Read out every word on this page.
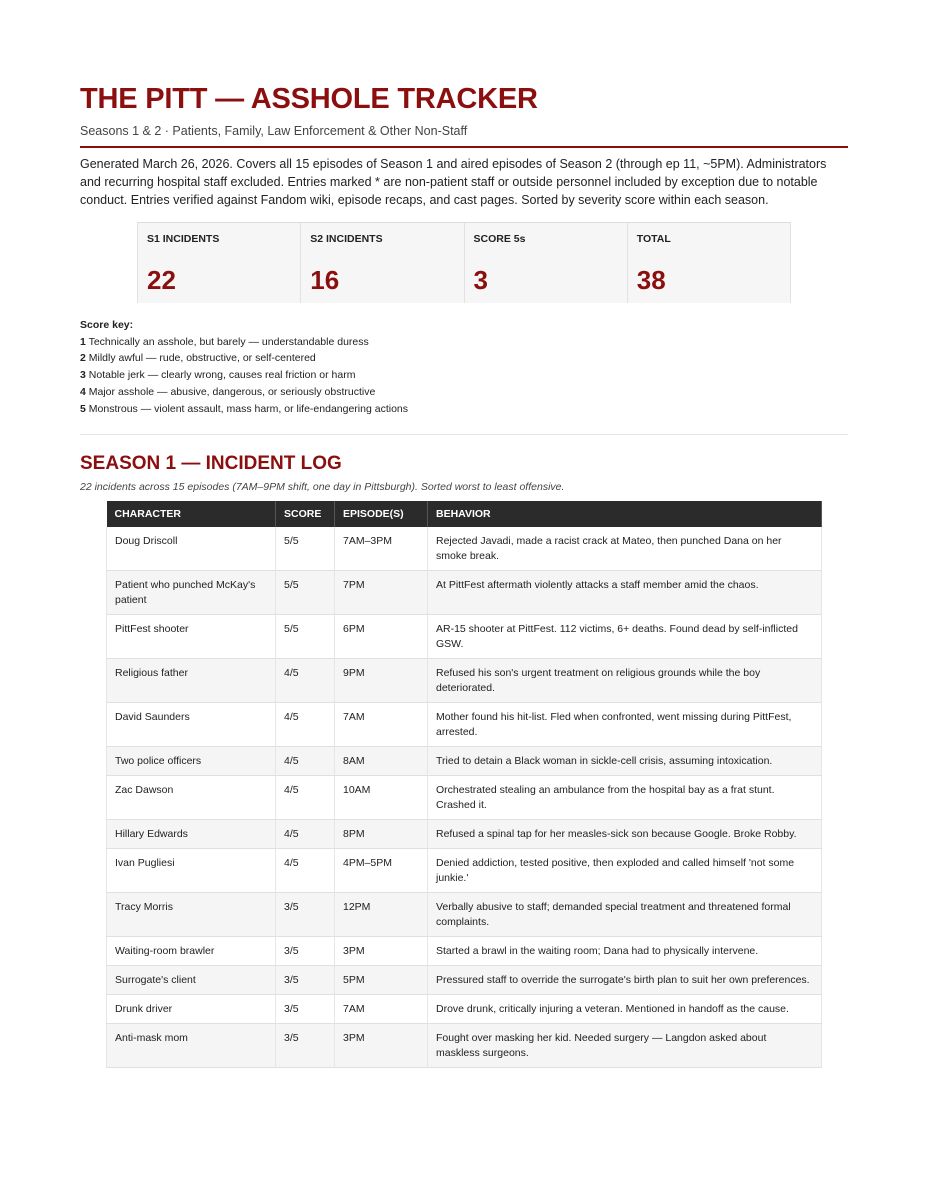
THE PITT — ASSHOLE TRACKER
Seasons 1 & 2 · Patients, Family, Law Enforcement & Other Non-Staff
Generated March 26, 2026. Covers all 15 episodes of Season 1 and aired episodes of Season 2 (through ep 11, ~5PM). Administrators and recurring hospital staff excluded. Entries marked * are non-patient staff or outside personnel included by exception due to notable conduct. Entries verified against Fandom wiki, episode recaps, and cast pages. Sorted by severity score within each season.
S1 INCIDENTS
22
S2 INCIDENTS
16
SCORE 5s
3
TOTAL
38
Score key:
1 Technically an asshole, but barely — understandable duress
2 Mildly awful — rude, obstructive, or self-centered
3 Notable jerk — clearly wrong, causes real friction or harm
4 Major asshole — abusive, dangerous, or seriously obstructive
5 Monstrous — violent assault, mass harm, or life-endangering actions
SEASON 1 — INCIDENT LOG
22 incidents across 15 episodes (7AM–9PM shift, one day in Pittsburgh). Sorted worst to least offensive.
CHARACTER	SCORE	EPISODE(S)	BEHAVIOR
Doug Driscoll	5/5	7AM–3PM	Rejected Javadi, made a racist crack at Mateo, then punched Dana on her smoke break.
Patient who punched McKay's patient	5/5	7PM	At PittFest aftermath violently attacks a staff member amid the chaos.
PittFest shooter	5/5	6PM	AR-15 shooter at PittFest. 112 victims, 6+ deaths. Found dead by self-inflicted GSW.
Religious father	4/5	9PM	Refused his son's urgent treatment on religious grounds while the boy deteriorated.
David Saunders	4/5	7AM	Mother found his hit-list. Fled when confronted, went missing during PittFest, arrested.
Two police officers	4/5	8AM	Tried to detain a Black woman in sickle-cell crisis, assuming intoxication.
Zac Dawson	4/5	10AM	Orchestrated stealing an ambulance from the hospital bay as a frat stunt. Crashed it.
Hillary Edwards	4/5	8PM	Refused a spinal tap for her measles-sick son because Google. Broke Robby.
Ivan Pugliesi	4/5	4PM–5PM	Denied addiction, tested positive, then exploded and called himself 'not some junkie.'
Tracy Morris	3/5	12PM	Verbally abusive to staff; demanded special treatment and threatened formal complaints.
Waiting-room brawler	3/5	3PM	Started a brawl in the waiting room; Dana had to physically intervene.
Surrogate's client	3/5	5PM	Pressured staff to override the surrogate's birth plan to suit her own preferences.
Drunk driver	3/5	7AM	Drove drunk, critically injuring a veteran. Mentioned in handoff as the cause.
Anti-mask mom	3/5	3PM	Fought over masking her kid. Needed surgery — Langdon asked about maskless surgeons.
